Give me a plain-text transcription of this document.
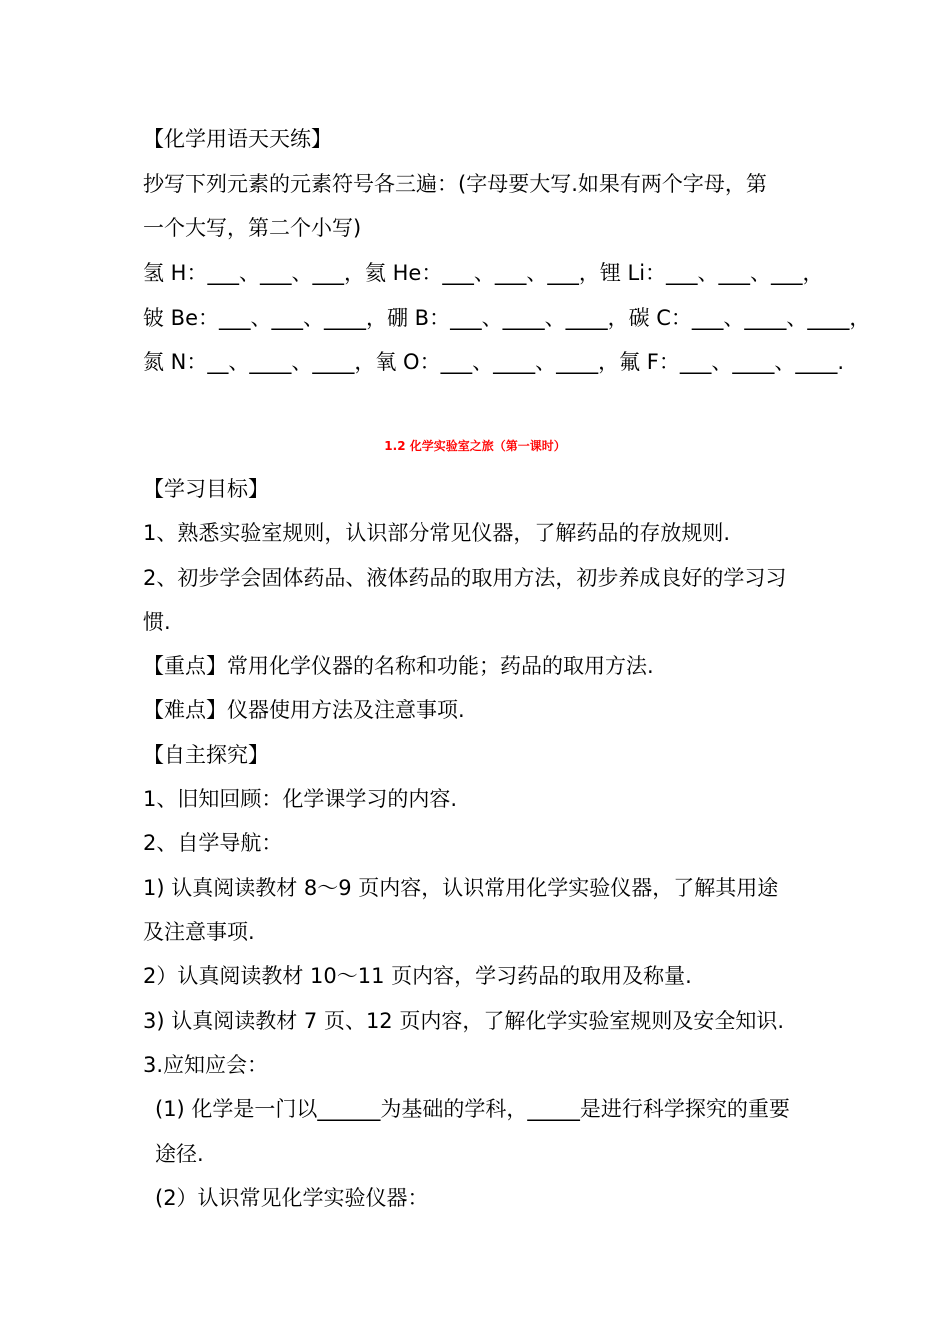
【化学用语天天练】
抄写下列元素的元素符号各三遍：(字母要大写.如果有两个字母，第
一个大写，第二个小写)
氢 H：___、___、___，氦 He：___、___、___，锂 Li：___、___、___，
铍 Be：___、___、____，硼 B：___、____、____，碳 C：___、____、____，
氮 N：__、____、____，氧 O：___、____、____，氟 F：___、____、____.
1.2 化学实验室之旅（第一课时）
【学习目标】
1、熟悉实验室规则，认识部分常见仪器，了解药品的存放规则.
2、初步学会固体药品、液体药品的取用方法，初步养成良好的学习习
惯.
【重点】常用化学仪器的名称和功能；药品的取用方法.
【难点】仪器使用方法及注意事项.
【自主探究】
1、旧知回顾：化学课学习的内容.
2、自学导航：
1) 认真阅读教材 8～9 页内容，认识常用化学实验仪器，了解其用途
及注意事项.
2）认真阅读教材 10～11 页内容，学习药品的取用及称量.
3) 认真阅读教材 7 页、12 页内容，了解化学实验室规则及安全知识.
3.应知应会：
(1) 化学是一门以______为基础的学科，_____是进行科学探究的重要
途径.
(2）认识常见化学实验仪器：
